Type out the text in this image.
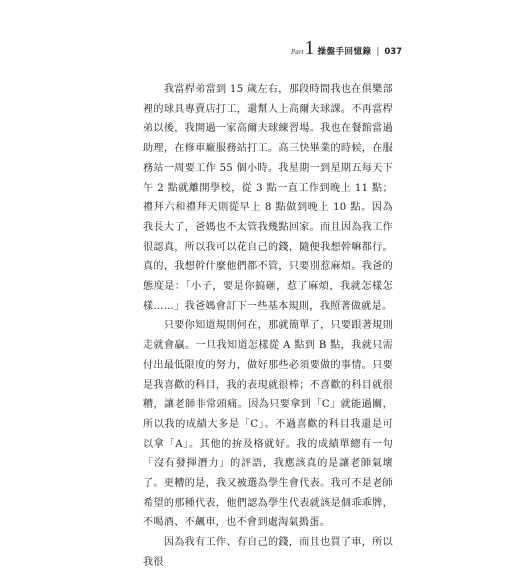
Part 1 操盤手回憶錄 | 037

　　我當桿弟當到 15 歲左右，那段時間我也在俱樂部裡的球具專賣店打工，還幫人上高爾夫球課。不再當桿弟以後，我開過一家高爾夫球練習場。我也在餐館當過助理，在修車廠服務站打工。高三快畢業的時候，在服務站一周要工作 55 個小時。我星期一到星期五每天下午 2 點就離開學校，從 3 點一直工作到晚上 11 點；禮拜六和禮拜天則從早上 8 點做到晚上 10 點。因為我長大了，爸媽也不太管我幾點回家。而且因為我工作很認真，所以我可以花自己的錢，隨便我想幹嘛都行。真的，我想幹什麼他們都不管，只要別惹麻煩。我爸的態度是：「小子，要是你搞砸，惹了麻煩，我就怎樣怎樣……」我爸媽會訂下一些基本規則，我照著做就是。

　　只要你知道規則何在，那就簡單了，只要跟著規則走就會贏。一旦我知道怎樣從 A 點到 B 點，我就只需付出最低限度的努力，做好那些必須要做的事情。只要是我喜歡的科目，我的表現就很棒；不喜歡的科目就很糟，讓老師非常頭痛。因為只要拿到「C」就能過關，所以我的成績大多是「C」。不過喜歡的科目我還是可以拿「A」。其他的拚及格就好。我的成績單總有一句「沒有發揮潛力」的評語，我應該真的是讓老師氣壞了。更糟的是，我又被選為學生會代表。我可不是老師希望的那種代表，他們認為學生代表就該是個乖乖牌，不喝酒、不飆車，也不會到處淘氣搗蛋。

　　因為我有工作、有自己的錢，而且也買了車，所以我很
